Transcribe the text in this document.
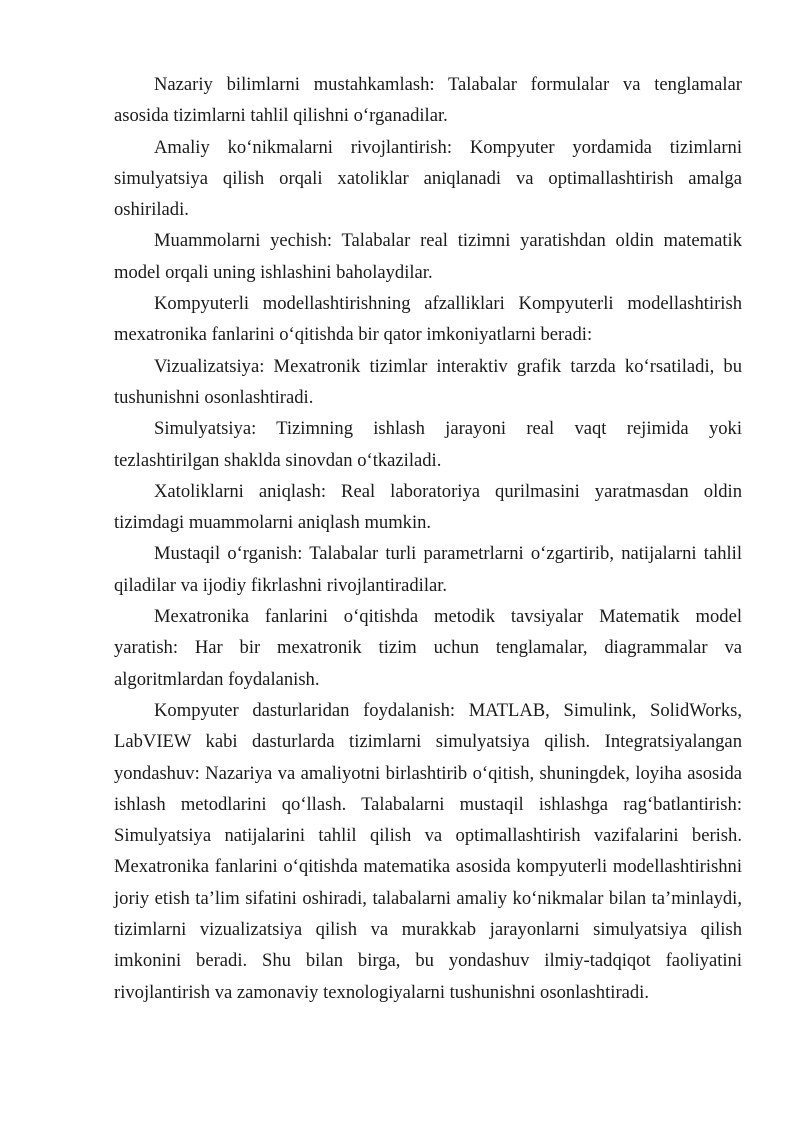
Nazariy bilimlarni mustahkamlash: Talabalar formulalar va tenglamalar asosida tizimlarni tahlil qilishni o‘rganadilar.

Amaliy ko‘nikmalarni rivojlantirish: Kompyuter yordamida tizimlarni simulyatsiya qilish orqali xatoliklar aniqlanadi va optimallashtirish amalga oshiriladi.

Muammolarni yechish: Talabalar real tizimni yaratishdan oldin matematik model orqali uning ishlashini baholaydilar.

Kompyuterli modellashtirishning afzalliklari Kompyuterli modellashtirish mexatronika fanlarini o‘qitishda bir qator imkoniyatlarni beradi:

Vizualizatsiya: Mexatronik tizimlar interaktiv grafik tarzda ko‘rsatiladi, bu tushunishni osonlashtiradi.

Simulyatsiya: Tizimning ishlash jarayoni real vaqt rejimida yoki tezlashtirilgan shaklda sinovdan o‘tkaziladi.

Xatoliklarni aniqlash: Real laboratoriya qurilmasini yaratmasdan oldin tizimdagi muammolarni aniqlash mumkin.

Mustaqil o‘rganish: Talabalar turli parametrlarni o‘zgartirib, natijalarni tahlil qiladilar va ijodiy fikrlashni rivojlantiradilar.

Mexatronika fanlarini o‘qitishda metodik tavsiyalar Matematik model yaratish: Har bir mexatronik tizim uchun tenglamalar, diagrammalar va algoritmlardan foydalanish.

Kompyuter dasturlaridan foydalanish: MATLAB, Simulink, SolidWorks, LabVIEW kabi dasturlarda tizimlarni simulyatsiya qilish. Integratsiyalangan yondashuv: Nazariya va amaliyotni birlashtirib o‘qitish, shuningdek, loyiha asosida ishlash metodlarini qo‘llash. Talabalarni mustaqil ishlashga rag‘batlantirish: Simulyatsiya natijalarini tahlil qilish va optimallashtirish vazifalarini berish. Mexatronika fanlarini o‘qitishda matematika asosida kompyuterli modellashtirishni joriy etish ta’lim sifatini oshiradi, talabalarni amaliy ko‘nikmalar bilan ta’minlaydi, tizimlarni vizualizatsiya qilish va murakkab jarayonlarni simulyatsiya qilish imkonini beradi. Shu bilan birga, bu yondashuv ilmiy-tadqiqot faoliyatini rivojlantirish va zamonaviy texnologiyalarni tushunishni osonlashtiradi.
